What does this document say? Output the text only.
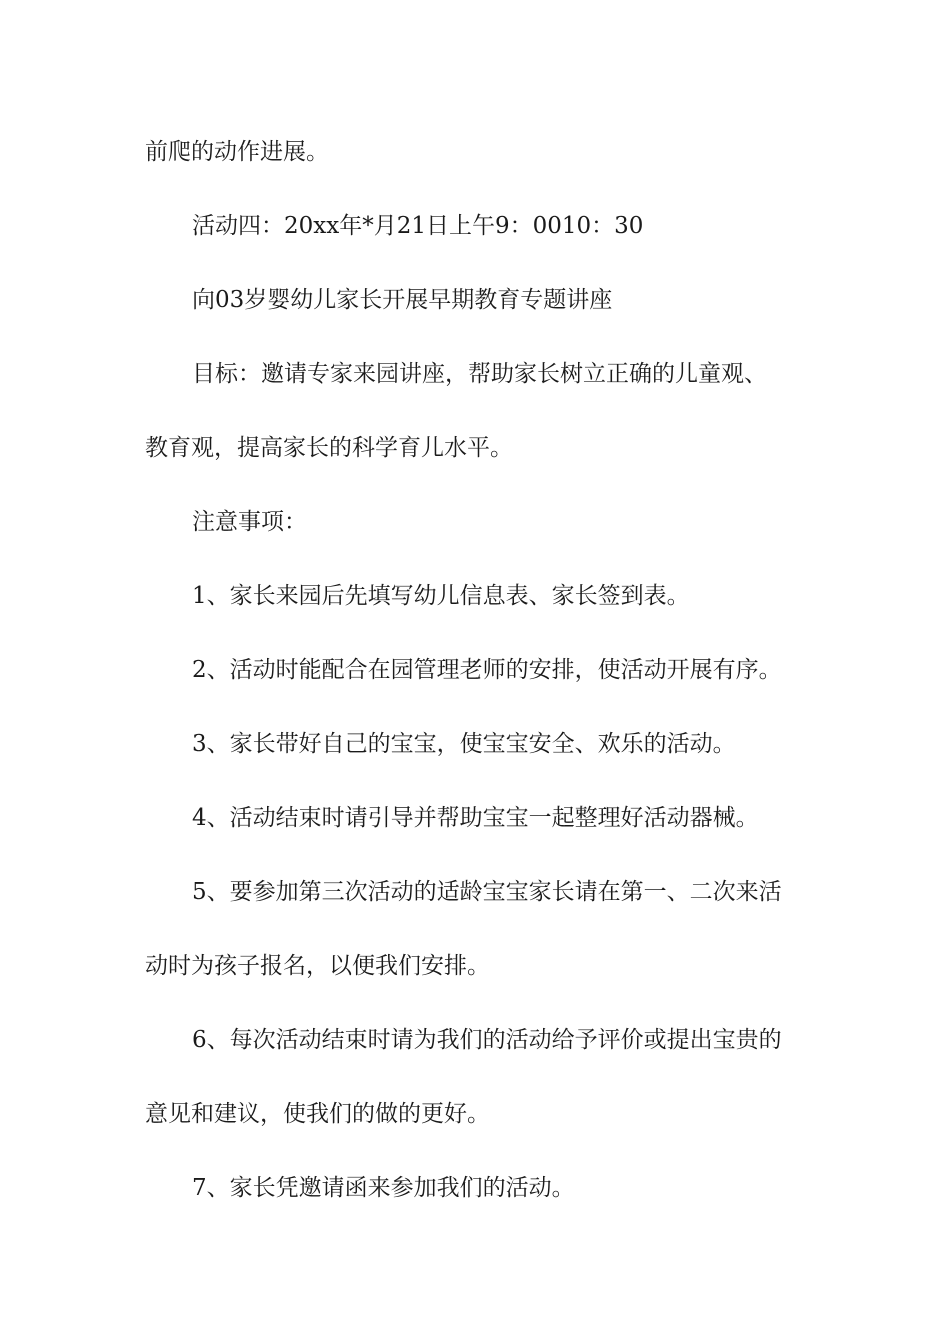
前爬的动作进展。
活动四：20xx年*月21日上午9：0010：30
向03岁婴幼儿家长开展早期教育专题讲座
目标：邀请专家来园讲座，帮助家长树立正确的儿童观、
教育观，提高家长的科学育儿水平。
注意事项：
1、家长来园后先填写幼儿信息表、家长签到表。
2、活动时能配合在园管理老师的安排，使活动开展有序。
3、家长带好自己的宝宝，使宝宝安全、欢乐的活动。
4、活动结束时请引导并帮助宝宝一起整理好活动器械。
5、要参加第三次活动的适龄宝宝家长请在第一、二次来活
动时为孩子报名，以便我们安排。
6、每次活动结束时请为我们的活动给予评价或提出宝贵的
意见和建议，使我们的做的更好。
7、家长凭邀请函来参加我们的活动。
